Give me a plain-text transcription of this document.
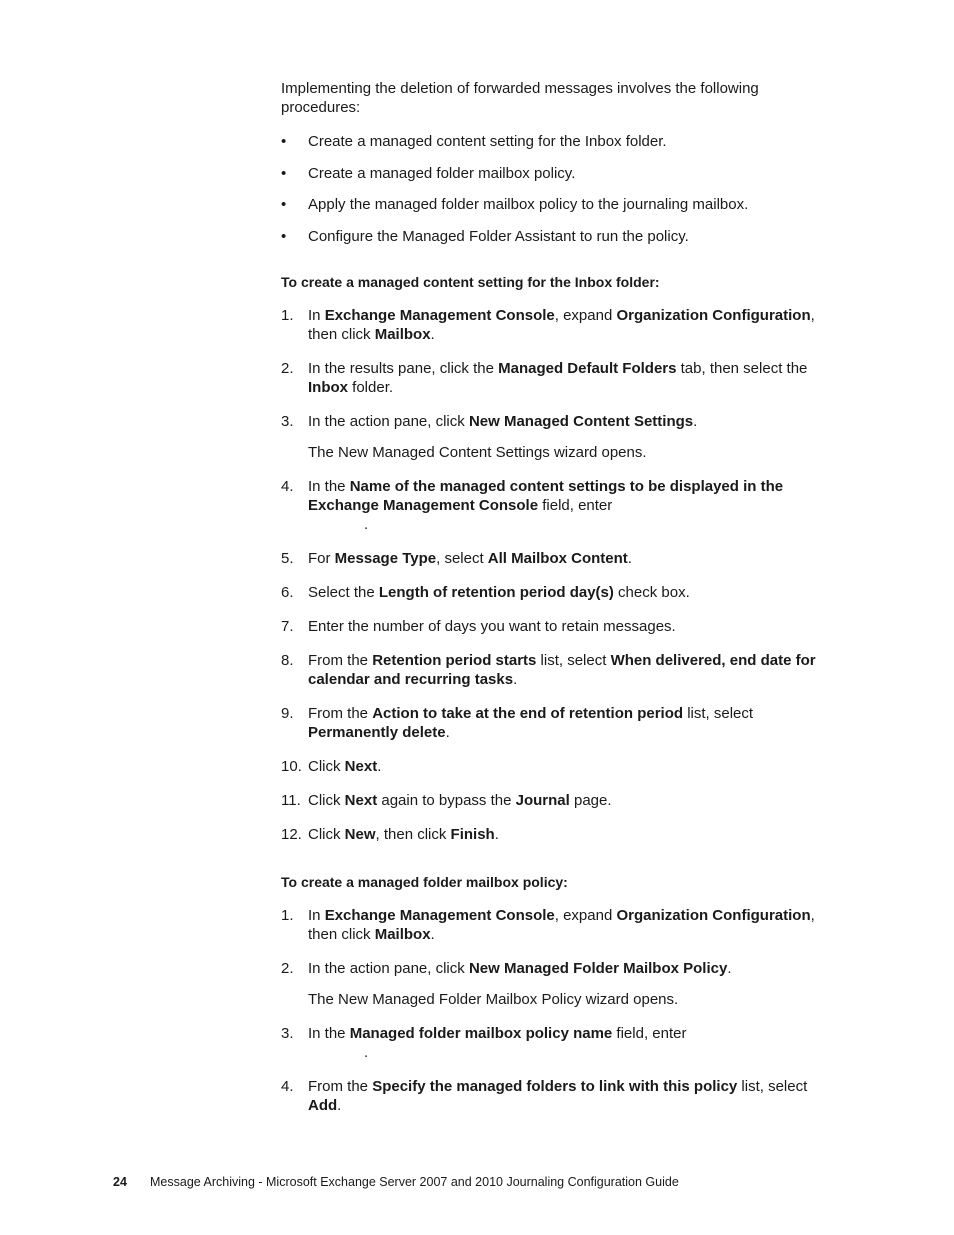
Implementing the deletion of forwarded messages involves the following procedures:

• Create a managed content setting for the Inbox folder.
• Create a managed folder mailbox policy.
• Apply the managed folder mailbox policy to the journaling mailbox.
• Configure the Managed Folder Assistant to run the policy.
To create a managed content setting for the Inbox folder:
1. In Exchange Management Console, expand Organization Configuration, then click Mailbox.
2. In the results pane, click the Managed Default Folders tab, then select the Inbox folder.
3. In the action pane, click New Managed Content Settings.
The New Managed Content Settings wizard opens.
4. In the Name of the managed content settings to be displayed in the Exchange Management Console field, enter
.
5. For Message Type, select All Mailbox Content.
6. Select the Length of retention period day(s) check box.
7. Enter the number of days you want to retain messages.
8. From the Retention period starts list, select When delivered, end date for calendar and recurring tasks.
9. From the Action to take at the end of retention period list, select Permanently delete.
10. Click Next.
11. Click Next again to bypass the Journal page.
12. Click New, then click Finish.
To create a managed folder mailbox policy:
1. In Exchange Management Console, expand Organization Configuration, then click Mailbox.
2. In the action pane, click New Managed Folder Mailbox Policy.
The New Managed Folder Mailbox Policy wizard opens.
3. In the Managed folder mailbox policy name field, enter
.
4. From the Specify the managed folders to link with this policy list, select Add.
24 Message Archiving - Microsoft Exchange Server 2007 and 2010 Journaling Configuration Guide
